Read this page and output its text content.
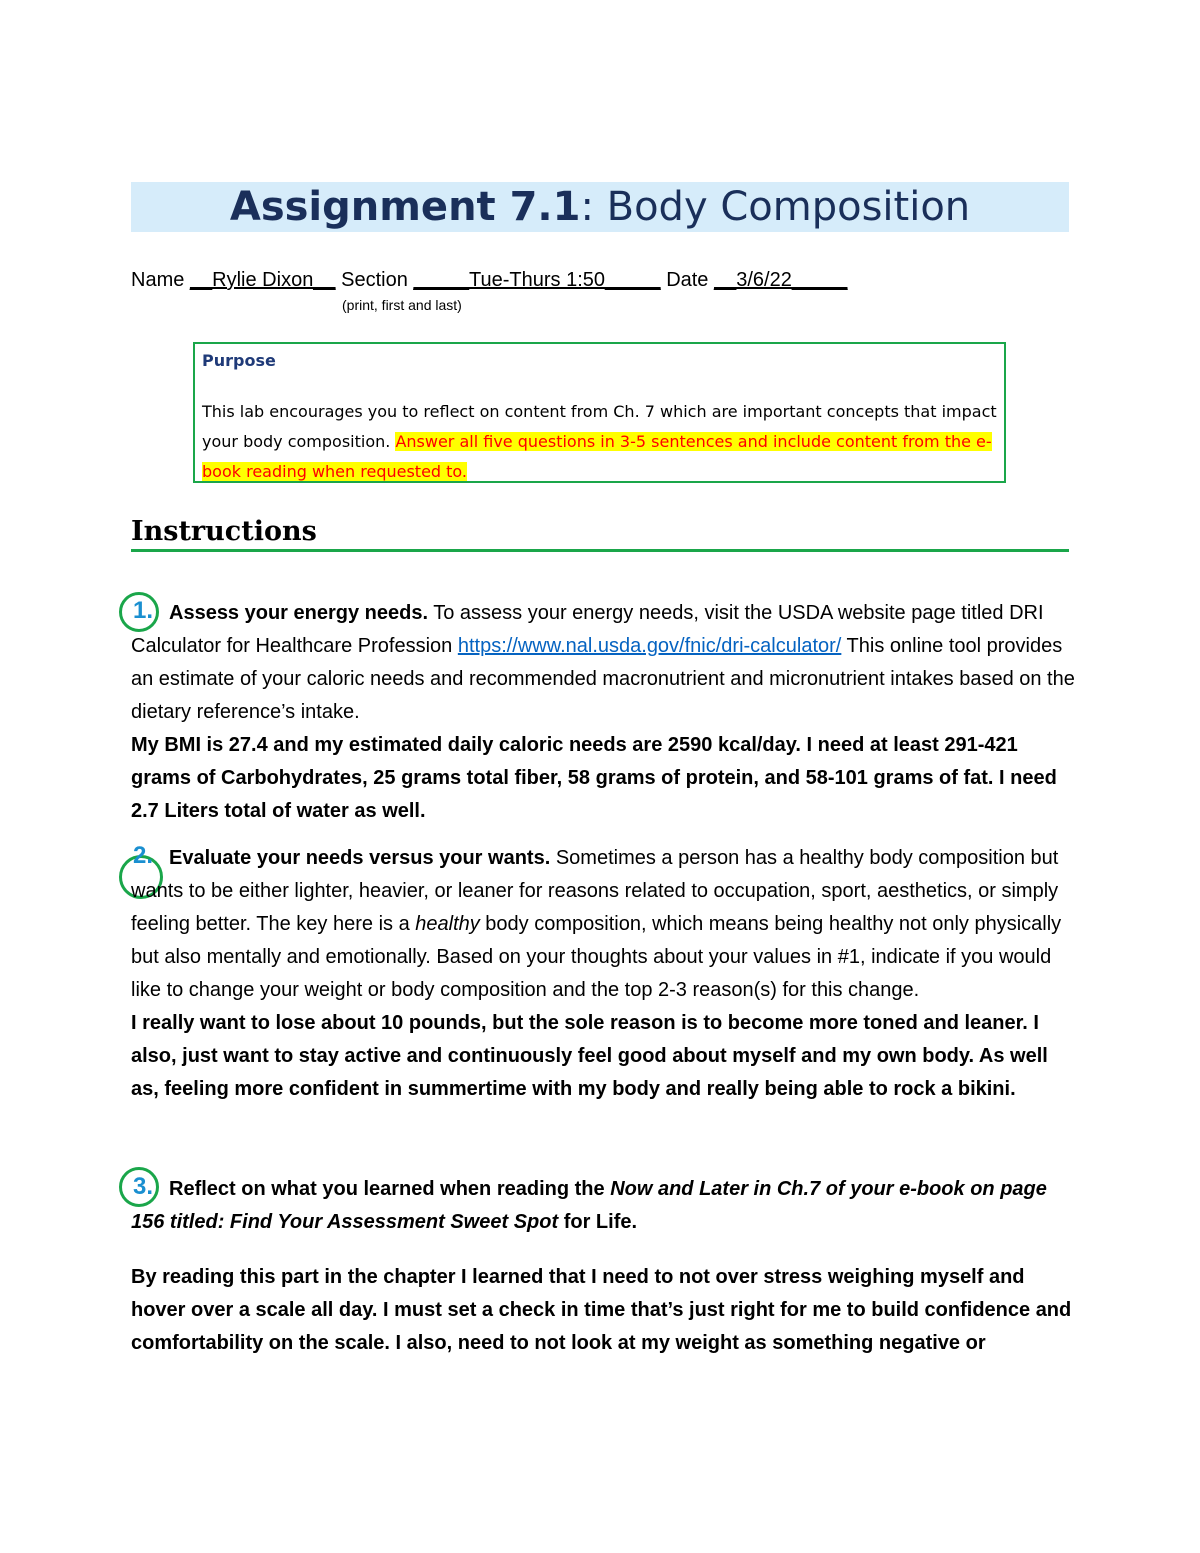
Assignment 7.1: Body Composition
Name __Rylie Dixon__ Section _____Tue-Thurs 1:50_____ Date __3/6/22_____
(print, first and last)
Purpose
This lab encourages you to reflect on content from Ch. 7 which are important concepts that impact your body composition. Answer all five questions in 3-5 sentences and include content from the e-book reading when requested to.
Instructions
1. Assess your energy needs. To assess your energy needs, visit the USDA website page titled DRI Calculator for Healthcare Profession https://www.nal.usda.gov/fnic/dri-calculator/ This online tool provides an estimate of your caloric needs and recommended macronutrient and micronutrient intakes based on the dietary reference’s intake.
My BMI is 27.4 and my estimated daily caloric needs are 2590 kcal/day. I need at least 291-421 grams of Carbohydrates, 25 grams total fiber, 58 grams of protein, and 58-101 grams of fat. I need 2.7 Liters total of water as well.
2. Evaluate your needs versus your wants. Sometimes a person has a healthy body composition but wants to be either lighter, heavier, or leaner for reasons related to occupation, sport, aesthetics, or simply feeling better. The key here is a healthy body composition, which means being healthy not only physically but also mentally and emotionally. Based on your thoughts about your values in #1, indicate if you would like to change your weight or body composition and the top 2-3 reason(s) for this change.
I really want to lose about 10 pounds, but the sole reason is to become more toned and leaner. I also, just want to stay active and continuously feel good about myself and my own body. As well as, feeling more confident in summertime with my body and really being able to rock a bikini.
3. Reflect on what you learned when reading the Now and Later in Ch.7 of your e-book on page 156 titled: Find Your Assessment Sweet Spot for Life.
By reading this part in the chapter I learned that I need to not over stress weighing myself and hover over a scale all day. I must set a check in time that’s just right for me to build confidence and comfortability on the scale. I also, need to not look at my weight as something negative or
